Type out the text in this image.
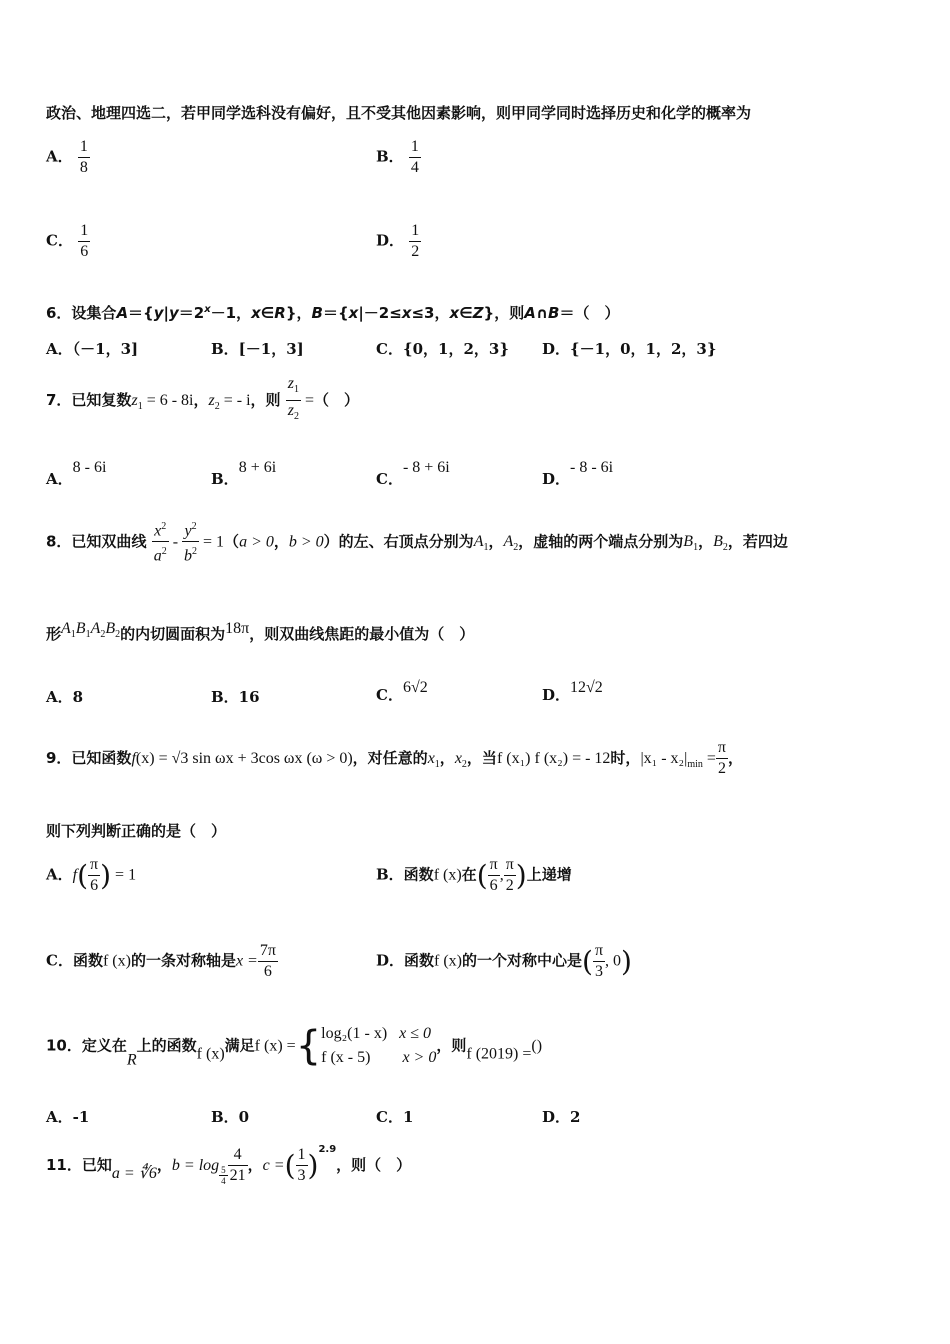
政治、地理四选二，若甲同学选科没有偏好，且不受其他因素影响，则甲同学同时选择历史和化学的概率为
A． $\frac{1}{8}$	B． $\frac{1}{4}$
C． $\frac{1}{6}$	D． $\frac{1}{2}$
6．设集合$A=\{y|y=2^x-1$，x∈R}，B＝{x|－2≤x≤3，x∈Z}，则A∩B＝（　）
A．（－1，3]	B．[－1，3]	C．{0，1，2，3} D．{－1，0，1，2，3}
7．已知复数$z_1 = 6 - 8i$，$z_2$ = - i，则 $\frac{z_1}{z_2}$ =（　）
A．8 - 6i
B．8 + 6i
C．- 8 + 6i
D．- 8 - 6i
8．已知双曲线 $\frac{x^2}{a^2} - \frac{y^2}{b^2} = 1(a > 0$，b > 0）的左、右顶点分别为$A_1$，$A_2$，虚轴的两个端点分别为$B_1$，$B_2$，若四边
形$A_1B_1A_2B_2$的内切圆面积为18π，则双曲线焦距的最小值为（　）
A．8	B．16	C．6√2	D．12√2
9．已知函数f(x) = √3 sin ωx + 3cos ωx (ω > 0)，对任意的$x_1$，$x_2$，当f (x₁) f (x₂) = - 12时，$|x_1 - x_2|_{min} = \frac{\pi}{2}$ ，
则下列判断正确的是（　）
A．$f( \frac{\pi}{6}$ ) = 1	B．函数f (x)在( $\frac{\pi}{6}$ , $\frac{\pi}{2}$ )上递增
C．函数f (x)的一条对称轴是$x = \frac{7\pi}{6}$	D．函数f (x)的一个对称中心是( $\frac{\pi}{3}$ , 0)
10．定义在R上的函数f (x)满足f (x) ={ log₂(1 - x) x ≤ 0
f (x - 5) x > 0
，则f (2019) =()
A．-1	B．0	C．1	D．2
11．已知a = ∜6，$b = \log \frac{5}{4} \frac{4}{21}$ ，c =( $\frac{1}{3} )^{2.9}$，则（　）
